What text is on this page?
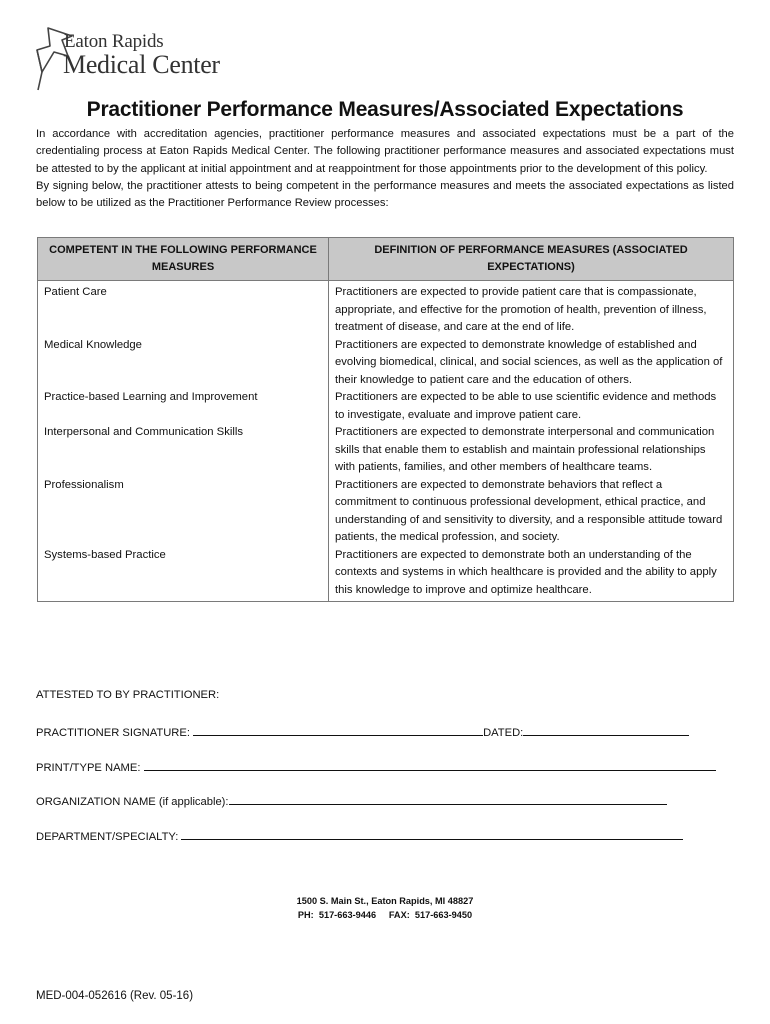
Eaton Rapids
Medical Center
Practitioner Performance Measures/Associated Expectations

In accordance with accreditation agencies, practitioner performance measures and associated expectations must be a part of the credentialing process at Eaton Rapids Medical Center. The following practitioner performance measures and associated expectations must be attested to by the applicant at initial appointment and at reappointment for those appointments prior to the development of this policy.

By signing below, the practitioner attests to being competent in the performance measures and meets the associated expectations as listed below to be utilized as the Practitioner Performance Review processes:

COMPETENT IN THE FOLLOWING PERFORMANCE MEASURES	DEFINITION OF PERFORMANCE MEASURES (ASSOCIATED EXPECTATIONS)
Patient Care	Practitioners are expected to provide patient care that is compassionate, appropriate, and effective for the promotion of health, prevention of illness, treatment of disease, and care at the end of life.
Medical Knowledge	Practitioners are expected to demonstrate knowledge of established and evolving biomedical, clinical, and social sciences, as well as the application of their knowledge to patient care and the education of others.
Practice-based Learning and Improvement	Practitioners are expected to be able to use scientific evidence and methods to investigate, evaluate and improve patient care.
Interpersonal and Communication Skills	Practitioners are expected to demonstrate interpersonal and communication skills that enable them to establish and maintain professional relationships with patients, families, and other members of healthcare teams.
Professionalism	Practitioners are expected to demonstrate behaviors that reflect a commitment to continuous professional development, ethical practice, and understanding of and sensitivity to diversity, and a responsible attitude toward patients, the medical profession, and society.
Systems-based Practice	Practitioners are expected to demonstrate both an understanding of the contexts and systems in which healthcare is provided and the ability to apply this knowledge to improve and optimize healthcare.
ATTESTED TO BY PRACTITIONER:
PRACTITIONER SIGNATURE:	DATED:
PRINT/TYPE NAME:
ORGANIZATION NAME (if applicable):
DEPARTMENT/SPECIALTY:
1500 S. Main St., Eaton Rapids, MI 48827
PH:  517-663-9446     FAX:  517-663-9450
MED-004-052616 (Rev. 05-16)
